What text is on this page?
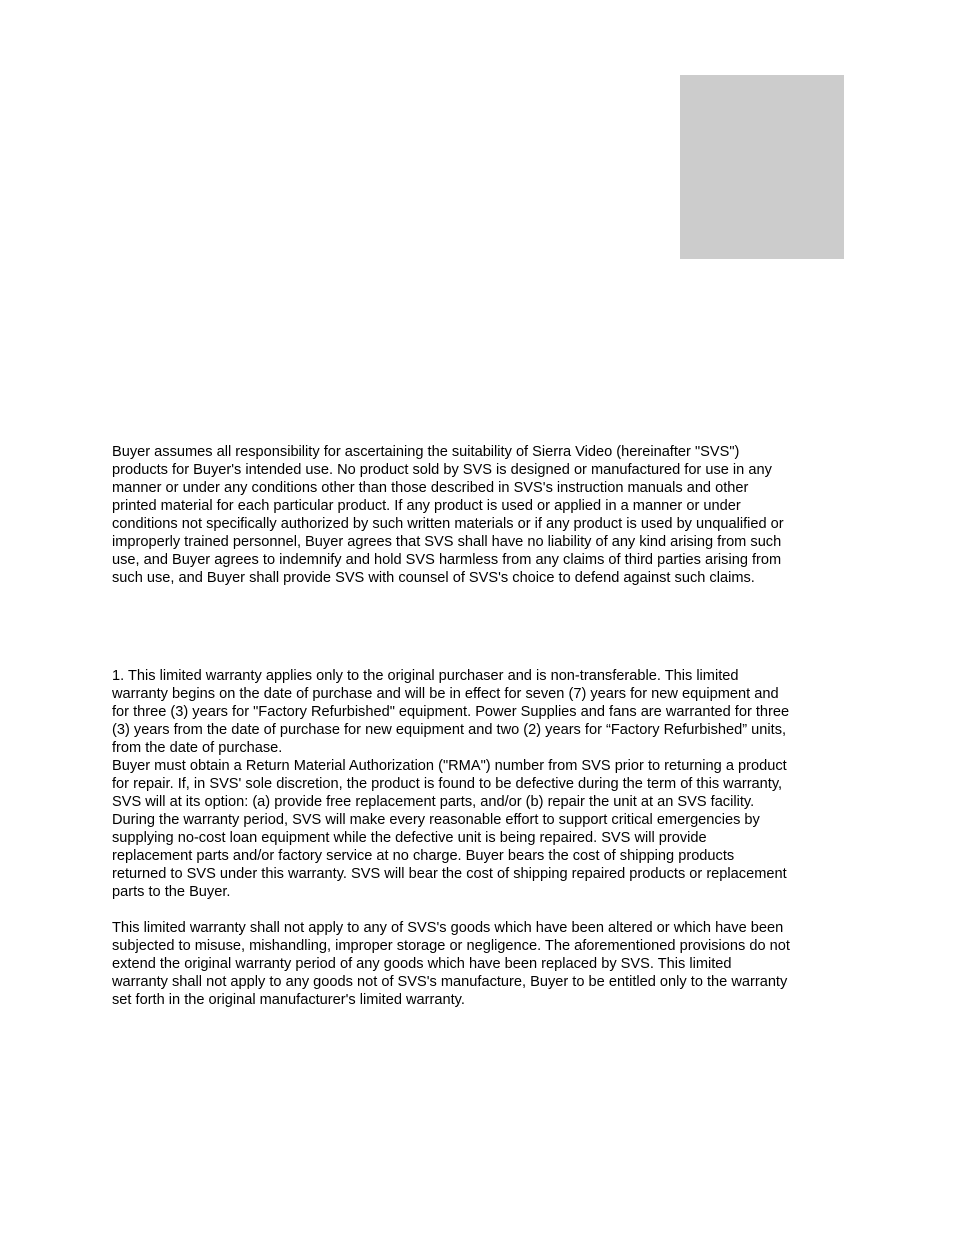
Buyer assumes all responsibility for ascertaining the suitability of Sierra Video (hereinafter "SVS")
products for Buyer's intended use. No product sold by SVS is designed or manufactured for use in any
manner or under any conditions other than those described in SVS's instruction manuals and other
printed material for each particular product. If any product is used or applied in a manner or under
conditions not specifically authorized by such written materials or if any product is used by unqualified or
improperly trained personnel, Buyer agrees that SVS shall have no liability of any kind arising from such
use, and Buyer agrees to indemnify and hold SVS harmless from any claims of third parties arising from
such use, and Buyer shall provide SVS with counsel of SVS's choice to defend against such claims.

1. This limited warranty applies only to the original purchaser and is non-transferable. This limited
warranty begins on the date of purchase and will be in effect for seven (7) years for new equipment and
for three (3) years for "Factory Refurbished" equipment. Power Supplies and fans are warranted for three
(3) years from the date of purchase for new equipment and two (2) years for “Factory Refurbished” units,
from the date of purchase.

Buyer must obtain a Return Material Authorization ("RMA") number from SVS prior to returning a product
for repair. If, in SVS' sole discretion, the product is found to be defective during the term of this warranty,
SVS will at its option: (a) provide free replacement parts, and/or (b) repair the unit at an SVS facility.
During the warranty period, SVS will make every reasonable effort to support critical emergencies by
supplying no-cost loan equipment while the defective unit is being repaired. SVS will provide
replacement parts and/or factory service at no charge. Buyer bears the cost of shipping products
returned to SVS under this warranty. SVS will bear the cost of shipping repaired products or replacement
parts to the Buyer.

This limited warranty shall not apply to any of SVS's goods which have been altered or which have been
subjected to misuse, mishandling, improper storage or negligence. The aforementioned provisions do not
extend the original warranty period of any goods which have been replaced by SVS. This limited
warranty shall not apply to any goods not of SVS's manufacture, Buyer to be entitled only to the warranty
set forth in the original manufacturer's limited warranty.
